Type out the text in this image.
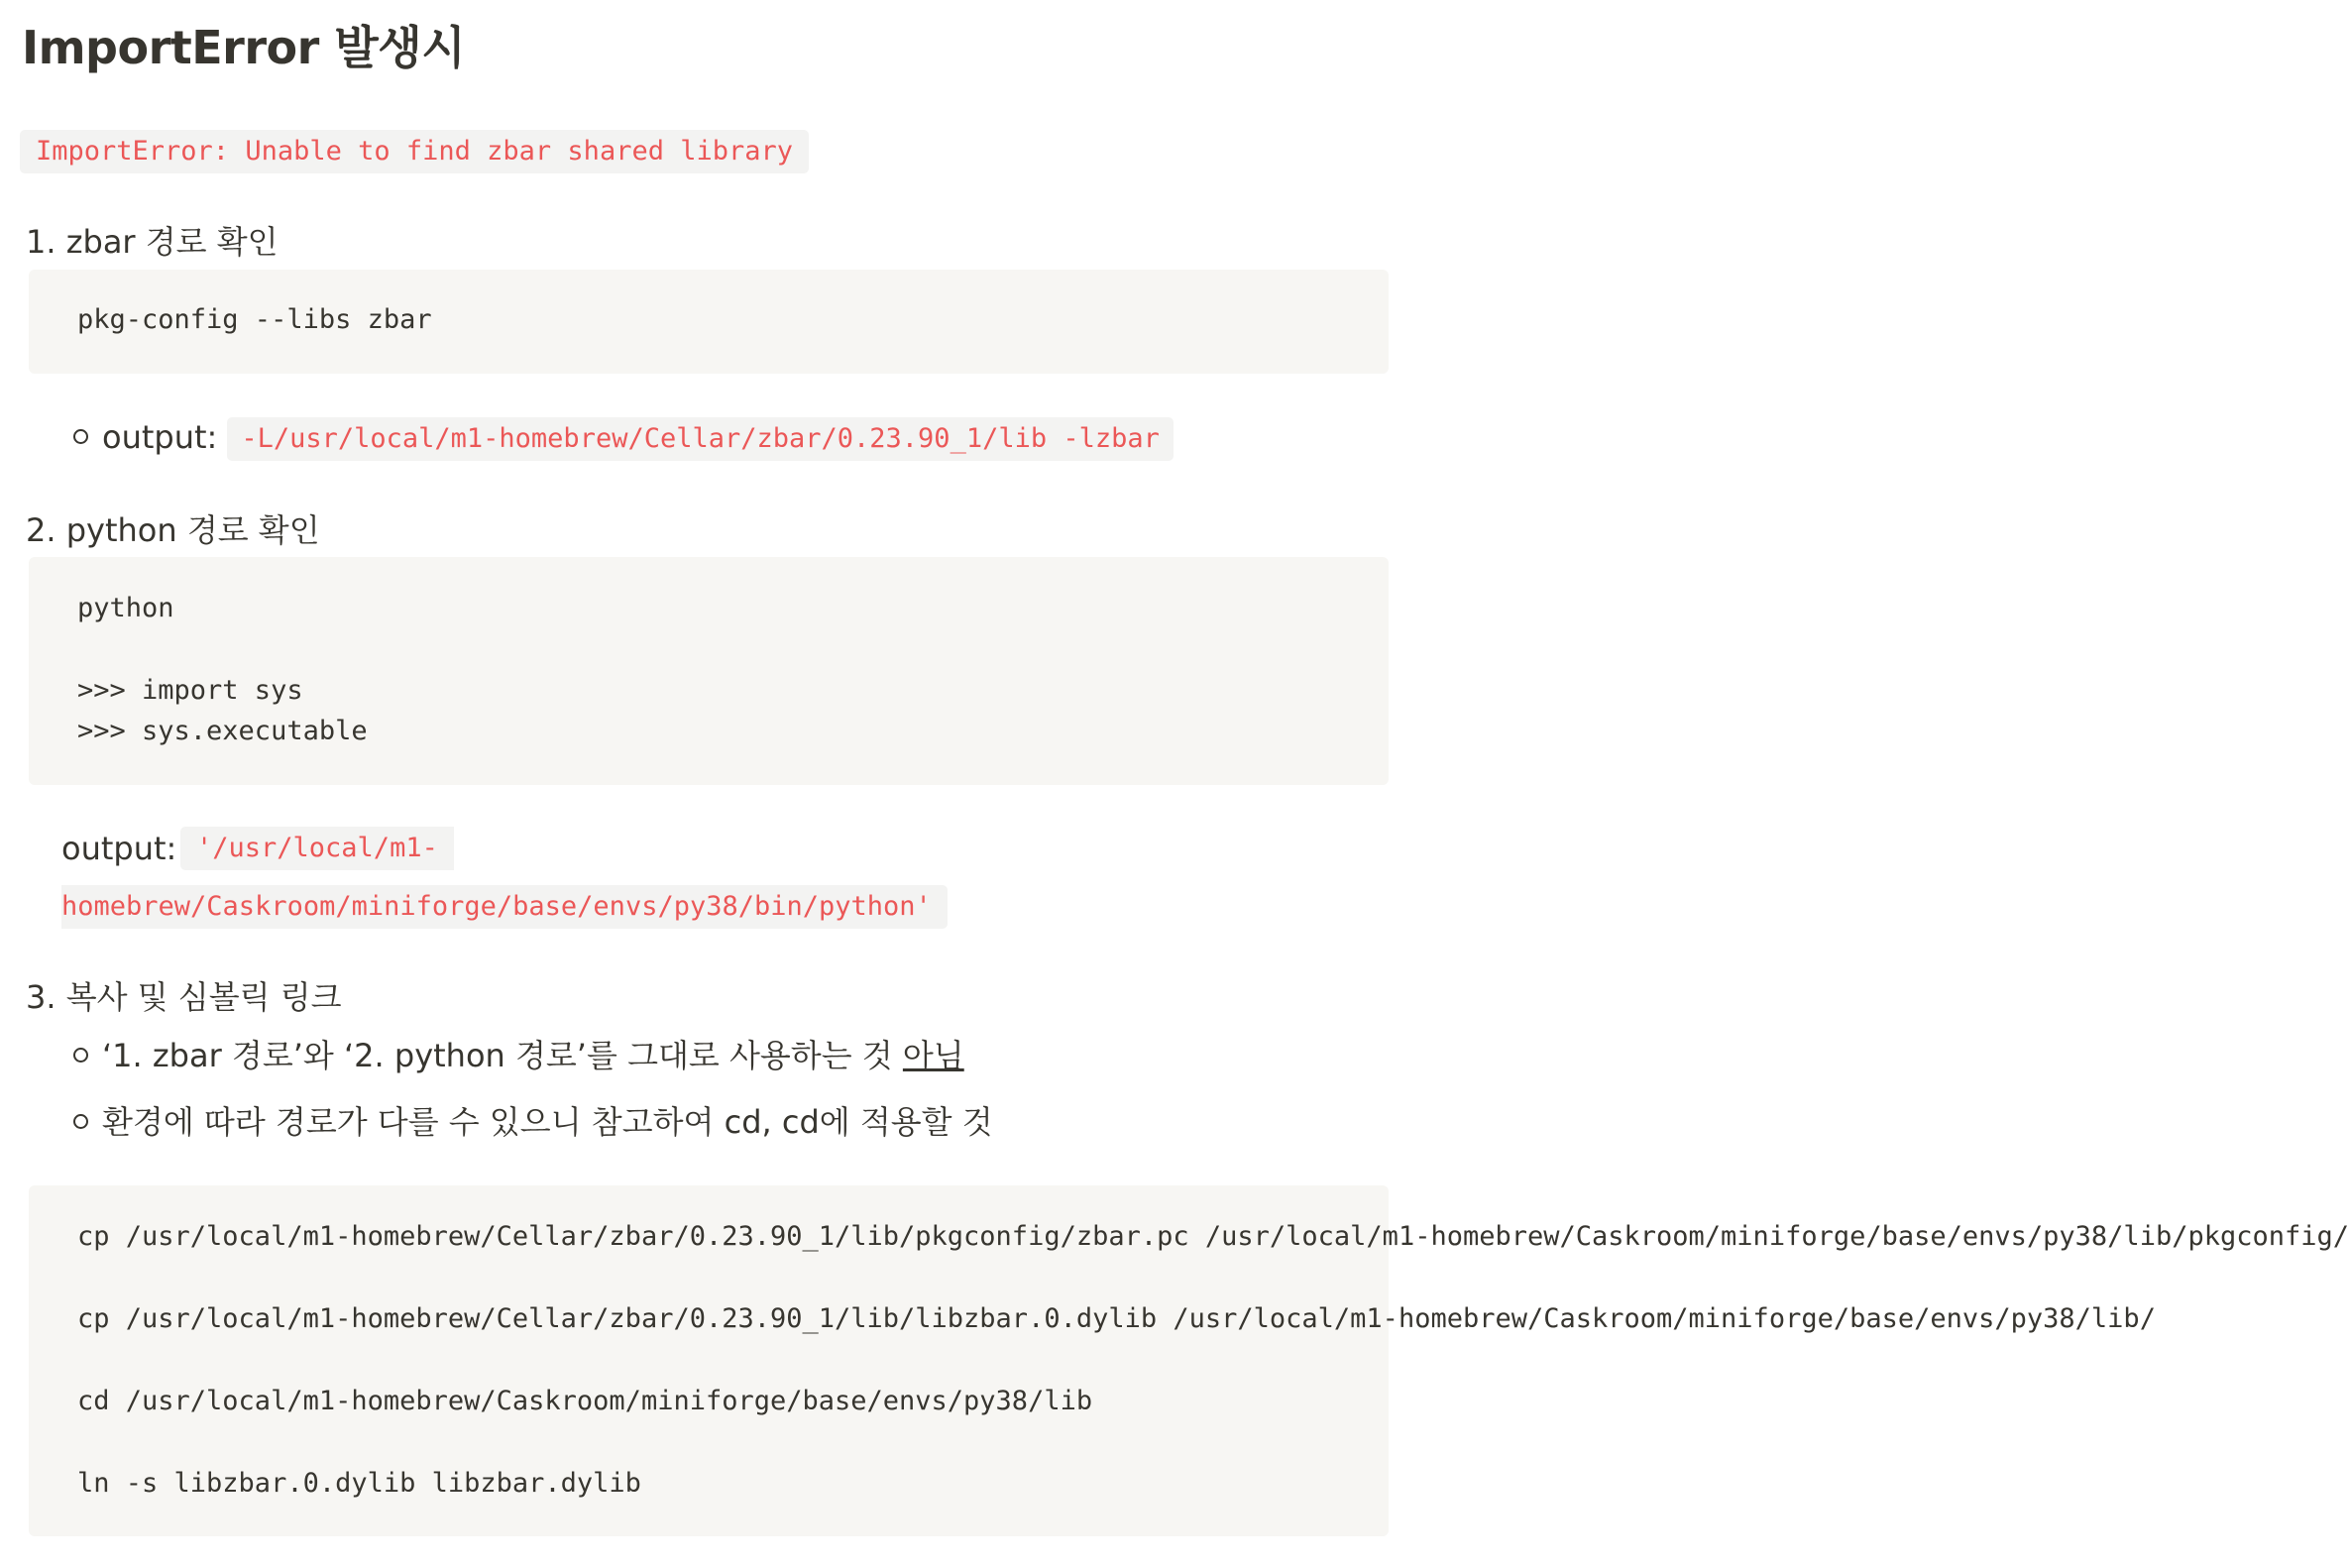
ImportError 발생시
ImportError: Unable to find zbar shared library
1. zbar 경로 확인
pkg-config --libs zbar
output: -L/usr/local/m1-homebrew/Cellar/zbar/0.23.90_1/lib -lzbar
2. python 경로 확인
python
>>> import sys
>>> sys.executable
output: '/usr/local/m1-
homebrew/Caskroom/miniforge/base/envs/py38/bin/python'
3. 복사 및 심볼릭 링크
‘1. zbar 경로’와 ‘2. python 경로’를 그대로 사용하는 것 아님
환경에 따라 경로가 다를 수 있으니 참고하여 cd, cd에 적용할 것
cp /usr/local/m1-homebrew/Cellar/zbar/0.23.90_1/lib/pkgconfig/zbar.pc /usr/local/m1-homebrew/Caskroom/miniforge/base/envs/py38/lib/pkgconfig/
cp /usr/local/m1-homebrew/Cellar/zbar/0.23.90_1/lib/libzbar.0.dylib /usr/local/m1-homebrew/Caskroom/miniforge/base/envs/py38/lib/
cd /usr/local/m1-homebrew/Caskroom/miniforge/base/envs/py38/lib
ln -s libzbar.0.dylib libzbar.dylib
